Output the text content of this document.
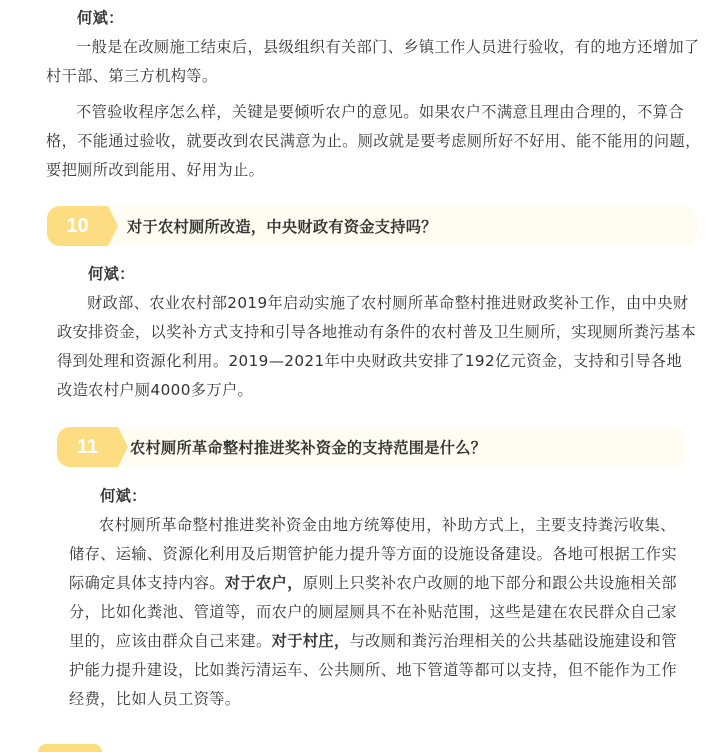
何斌：

一般是在改厕施工结束后，县级组织有关部门、乡镇工作人员进行验收，有的地方还增加了村干部、第三方机构等。

不管验收程序怎么样，关键是要倾听农户的意见。如果农户不满意且理由合理的，不算合格，不能通过验收，就要改到农民满意为止。厕改就是要考虑厕所好不好用、能不能用的问题，要把厕所改到能用、好用为止。

10	对于农村厕所改造，中央财政有资金支持吗？
何斌：

财政部、农业农村部2019年启动实施了农村厕所革命整村推进财政奖补工作，由中央财政安排资金，以奖补方式支持和引导各地推动有条件的农村普及卫生厕所，实现厕所粪污基本得到处理和资源化利用。2019—2021年中央财政共安排了192亿元资金，支持和引导各地改造农村户厕4000多万户。

11	农村厕所革命整村推进奖补资金的支持范围是什么？
何斌：

农村厕所革命整村推进奖补资金由地方统筹使用，补助方式上，主要支持粪污收集、储存、运输、资源化利用及后期管护能力提升等方面的设施设备建设。各地可根据工作实际确定具体支持内容。对于农户，原则上只奖补农户改厕的地下部分和跟公共设施相关部分，比如化粪池、管道等，而农户的厕屋厕具不在补贴范围，这些是建在农民群众自己家里的，应该由群众自己来建。对于村庄，与改厕和粪污治理相关的公共基础设施建设和管护能力提升建设，比如粪污清运车、公共厕所、地下管道等都可以支持，但不能作为工作经费，比如人员工资等。
